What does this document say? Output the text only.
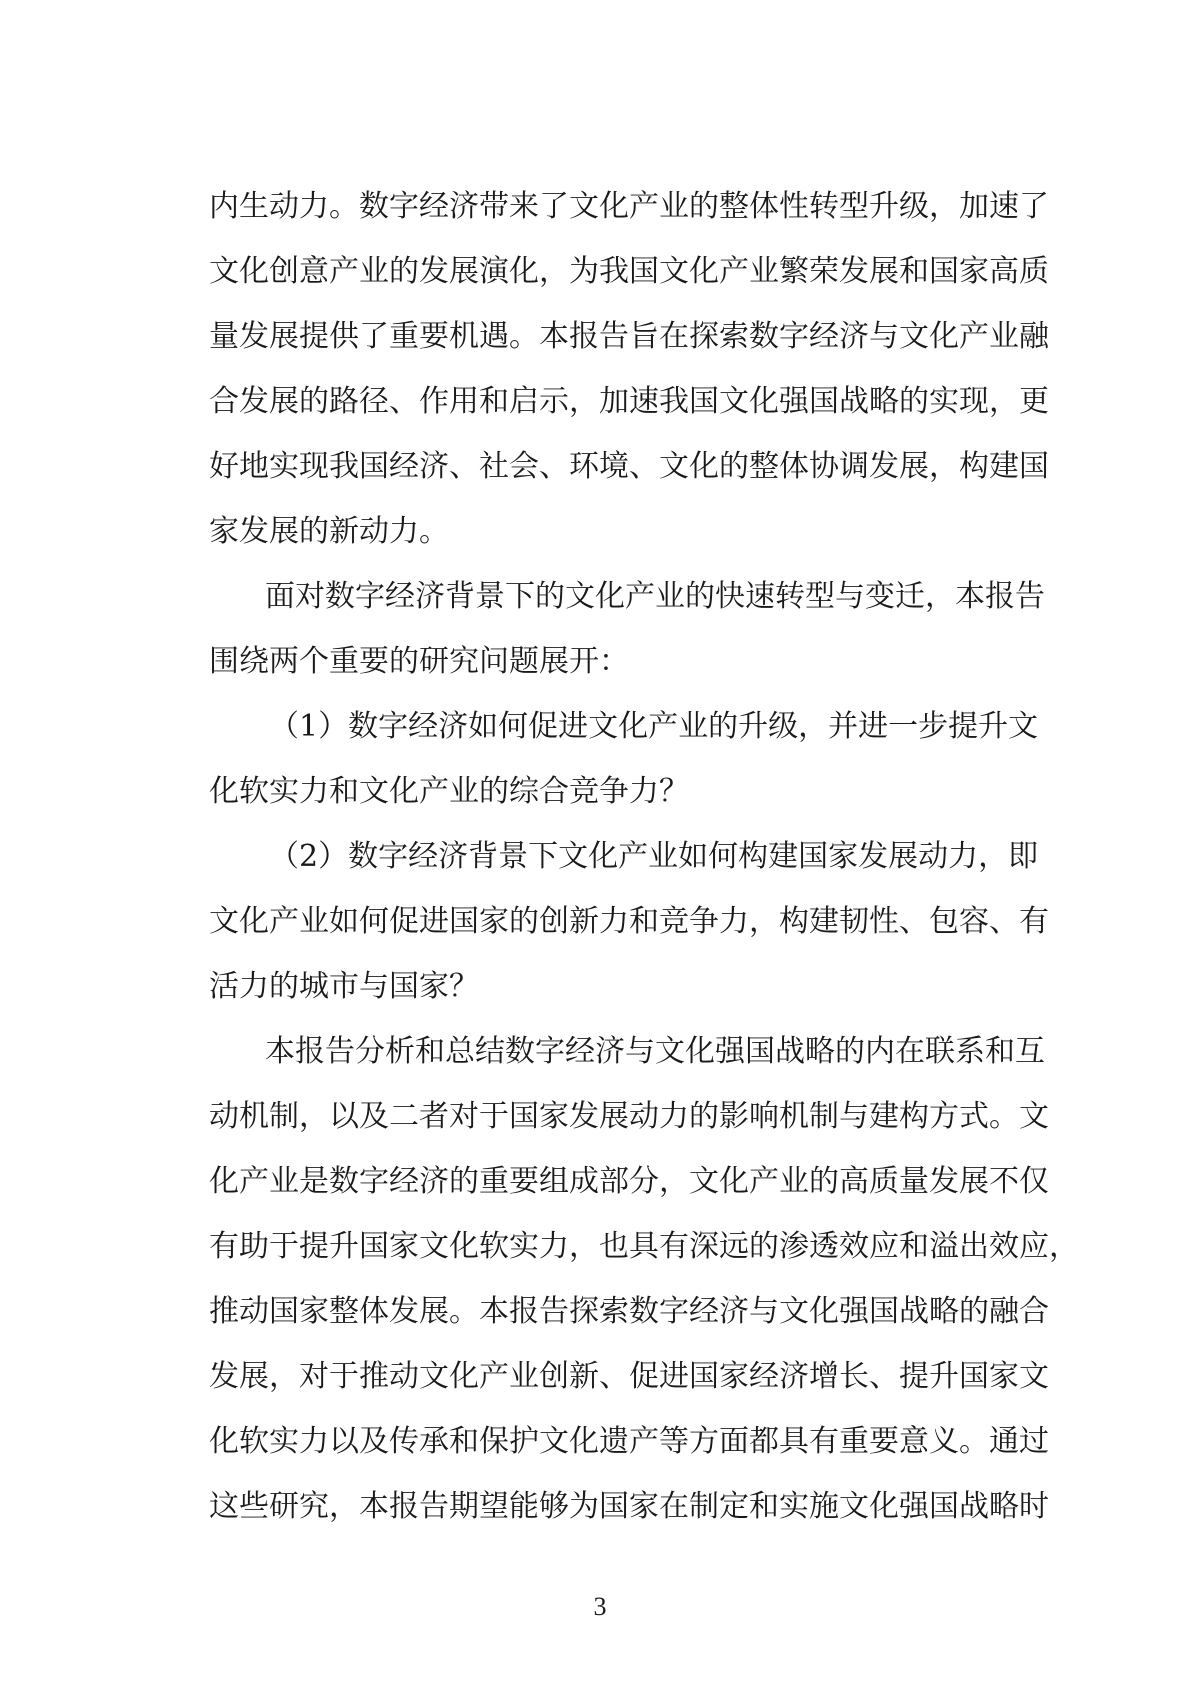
内生动力。数字经济带来了文化产业的整体性转型升级，加速了
文化创意产业的发展演化，为我国文化产业繁荣发展和国家高质
量发展提供了重要机遇。本报告旨在探索数字经济与文化产业融
合发展的路径、作用和启示，加速我国文化强国战略的实现，更
好地实现我国经济、社会、环境、文化的整体协调发展，构建国
家发展的新动力。
面对数字经济背景下的文化产业的快速转型与变迁，本报告
围绕两个重要的研究问题展开：
（1）数字经济如何促进文化产业的升级，并进一步提升文
化软实力和文化产业的综合竞争力？
（2）数字经济背景下文化产业如何构建国家发展动力，即
文化产业如何促进国家的创新力和竞争力，构建韧性、包容、有
活力的城市与国家？
本报告分析和总结数字经济与文化强国战略的内在联系和互
动机制，以及二者对于国家发展动力的影响机制与建构方式。文
化产业是数字经济的重要组成部分，文化产业的高质量发展不仅
有助于提升国家文化软实力，也具有深远的渗透效应和溢出效应，
推动国家整体发展。本报告探索数字经济与文化强国战略的融合
发展，对于推动文化产业创新、促进国家经济增长、提升国家文
化软实力以及传承和保护文化遗产等方面都具有重要意义。通过
这些研究，本报告期望能够为国家在制定和实施文化强国战略时
3
